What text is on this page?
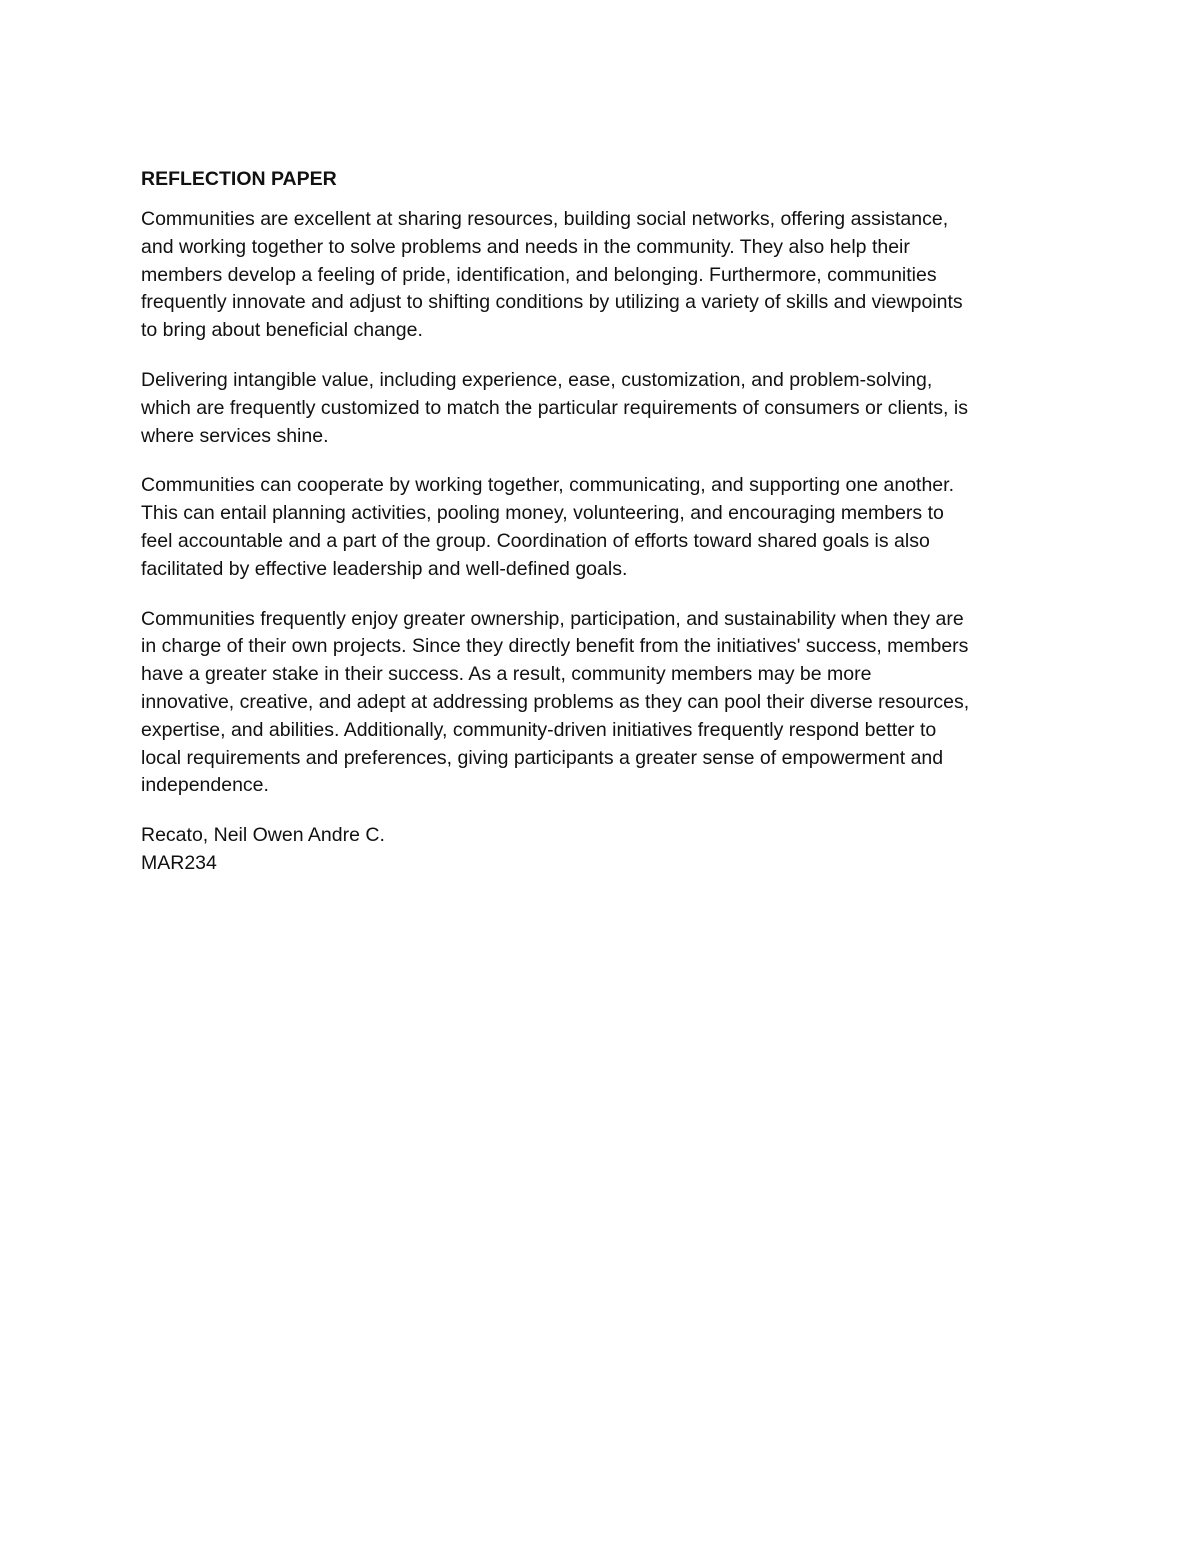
REFLECTION PAPER

Communities are excellent at sharing resources, building social networks, offering assistance,
and working together to solve problems and needs in the community. They also help their
members develop a feeling of pride, identification, and belonging. Furthermore, communities
frequently innovate and adjust to shifting conditions by utilizing a variety of skills and viewpoints
to bring about beneficial change.

Delivering intangible value, including experience, ease, customization, and problem-solving,
which are frequently customized to match the particular requirements of consumers or clients, is
where services shine.

Communities can cooperate by working together, communicating, and supporting one another.
This can entail planning activities, pooling money, volunteering, and encouraging members to
feel accountable and a part of the group. Coordination of efforts toward shared goals is also
facilitated by effective leadership and well-defined goals.

Communities frequently enjoy greater ownership, participation, and sustainability when they are
in charge of their own projects. Since they directly benefit from the initiatives' success, members
have a greater stake in their success. As a result, community members may be more
innovative, creative, and adept at addressing problems as they can pool their diverse resources,
expertise, and abilities. Additionally, community-driven initiatives frequently respond better to
local requirements and preferences, giving participants a greater sense of empowerment and
independence.

Recato, Neil Owen Andre C.
MAR234
